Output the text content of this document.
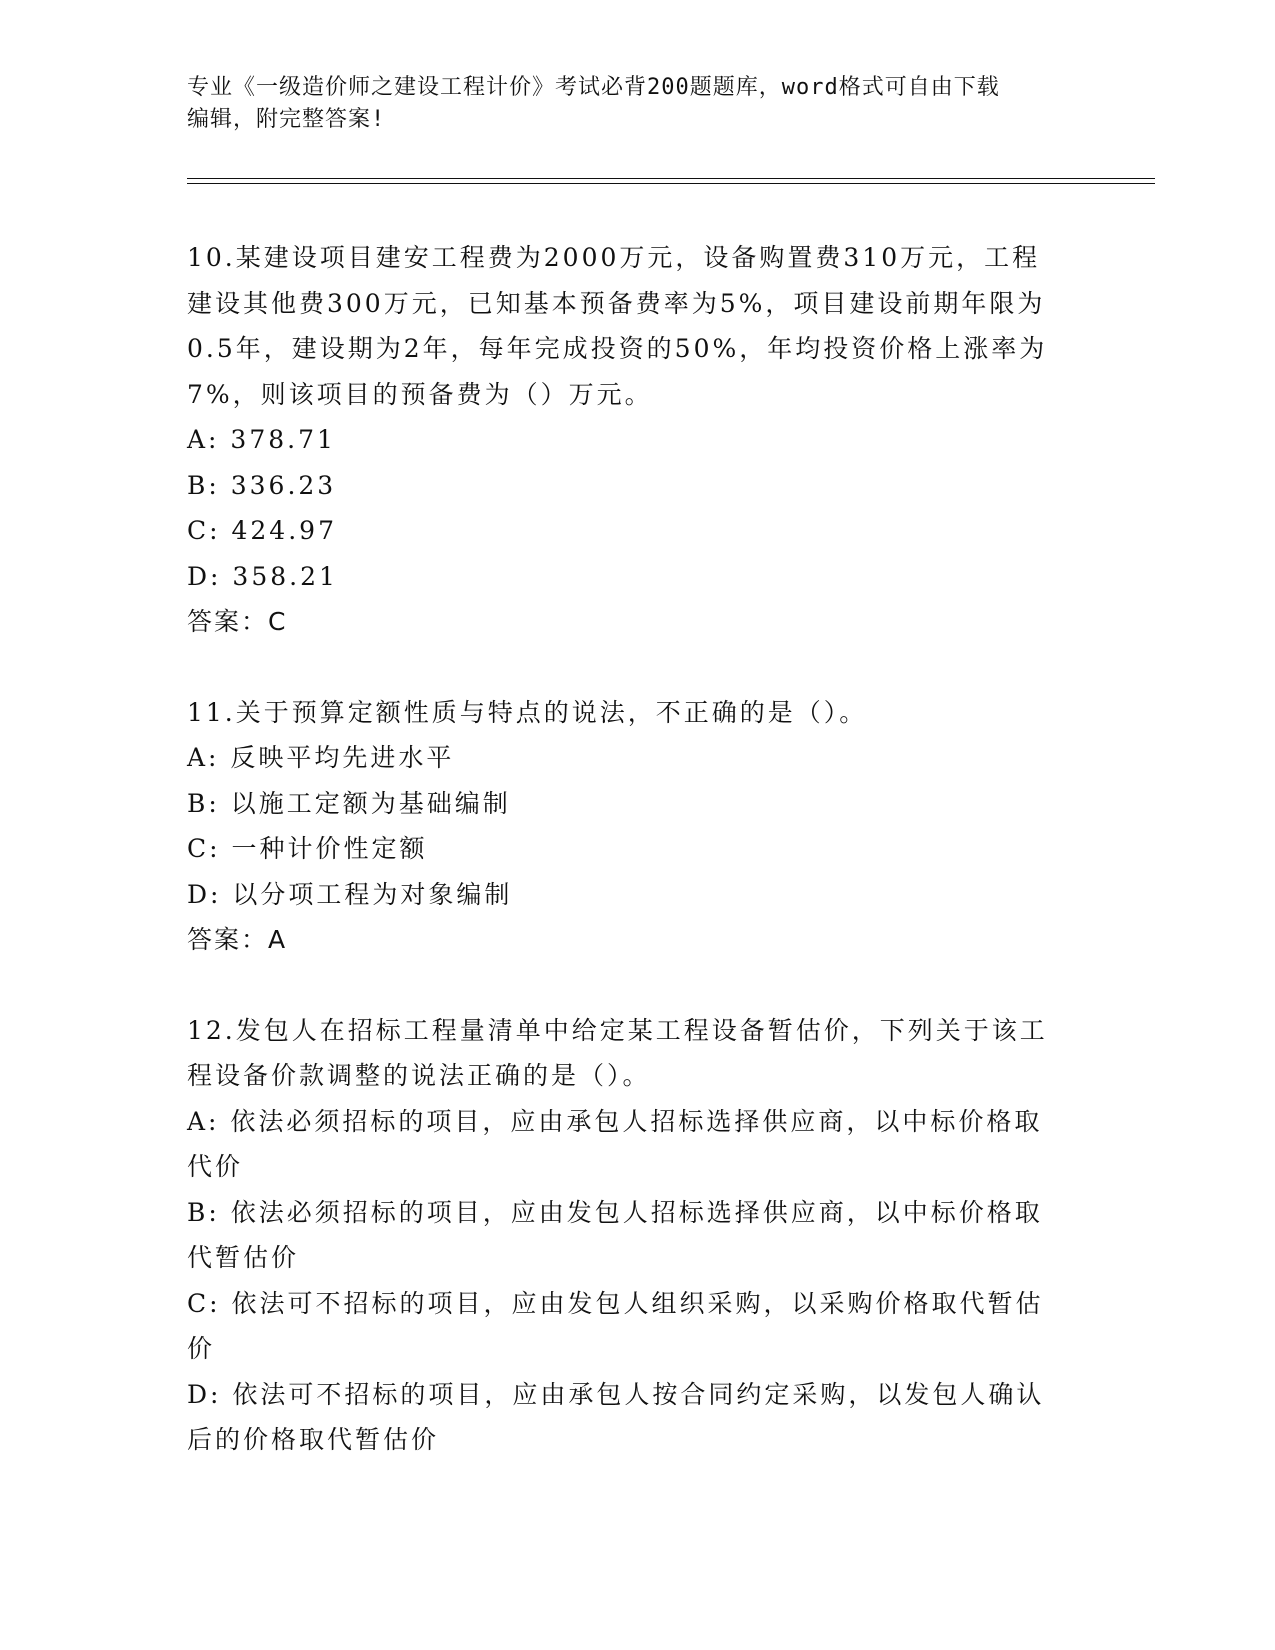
专业《一级造价师之建设工程计价》考试必背200题题库，word格式可自由下载
编辑，附完整答案!
10.某建设项目建安工程费为2000万元，设备购置费310万元，工程
建设其他费300万元，已知基本预备费率为5%，项目建设前期年限为
0.5年，建设期为2年，每年完成投资的50%，年均投资价格上涨率为
7%，则该项目的预备费为（）万元。
A: 378.71
B: 336.23
C: 424.97
D: 358.21
答案：C
11.关于预算定额性质与特点的说法，不正确的是（）。
A: 反映平均先进水平
B: 以施工定额为基础编制
C: 一种计价性定额
D: 以分项工程为对象编制
答案：A
12.发包人在招标工程量清单中给定某工程设备暂估价，下列关于该工
程设备价款调整的说法正确的是（）。
A: 依法必须招标的项目，应由承包人招标选择供应商，以中标价格取
代价
B: 依法必须招标的项目，应由发包人招标选择供应商，以中标价格取
代暂估价
C: 依法可不招标的项目，应由发包人组织采购，以采购价格取代暂估
价
D: 依法可不招标的项目，应由承包人按合同约定采购，以发包人确认
后的价格取代暂估价
